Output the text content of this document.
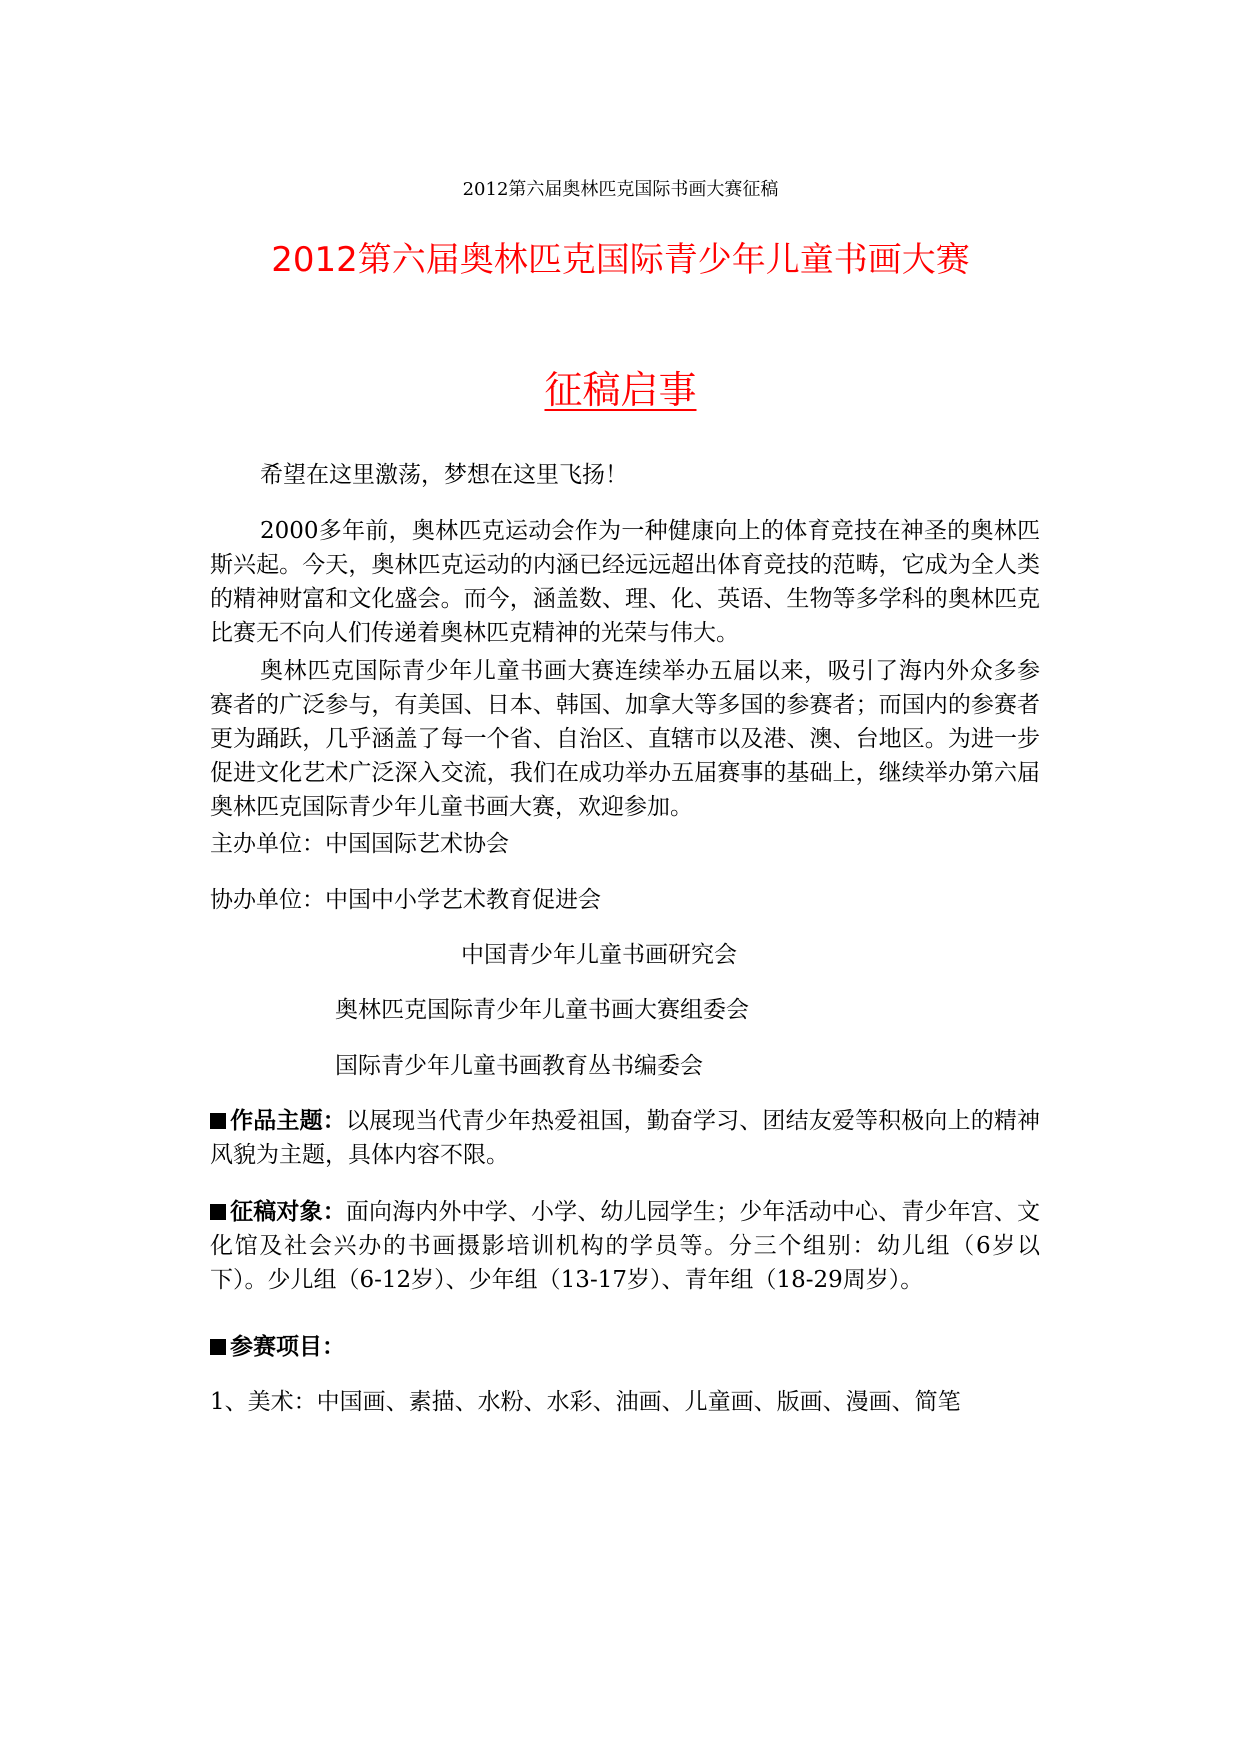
2012第六届奥林匹克国际书画大赛征稿
2012第六届奥林匹克国际青少年儿童书画大赛
征稿启事

希望在这里激荡，梦想在这里飞扬！

2000多年前，奥林匹克运动会作为一种健康向上的体育竞技在神圣的奥林匹斯兴起。今天，奥林匹克运动的内涵已经远远超出体育竞技的范畴，它成为全人类的精神财富和文化盛会。而今，涵盖数、理、化、英语、生物等多学科的奥林匹克比赛无不向人们传递着奥林匹克精神的光荣与伟大。

奥林匹克国际青少年儿童书画大赛连续举办五届以来，吸引了海内外众多参赛者的广泛参与，有美国、日本、韩国、加拿大等多国的参赛者；而国内的参赛者更为踊跃，几乎涵盖了每一个省、自治区、直辖市以及港、澳、台地区。为进一步促进文化艺术广泛深入交流，我们在成功举办五届赛事的基础上，继续举办第六届奥林匹克国际青少年儿童书画大赛，欢迎参加。

主办单位：中国国际艺术协会
协办单位：中国中小学艺术教育促进会
中国青少年儿童书画研究会
奥林匹克国际青少年儿童书画大赛组委会
国际青少年儿童书画教育丛书编委会

作品主题：以展现当代青少年热爱祖国，勤奋学习、团结友爱等积极向上的精神风貌为主题，具体内容不限。

征稿对象：面向海内外中学、小学、幼儿园学生；少年活动中心、青少年宫、文化馆及社会兴办的书画摄影培训机构的学员等。分三个组别：幼儿组（6岁以下）。少儿组（6-12岁）、少年组（13-17岁）、青年组（18-29周岁）。

参赛项目：

1、美术：中国画、素描、水粉、水彩、油画、儿童画、版画、漫画、简笔
